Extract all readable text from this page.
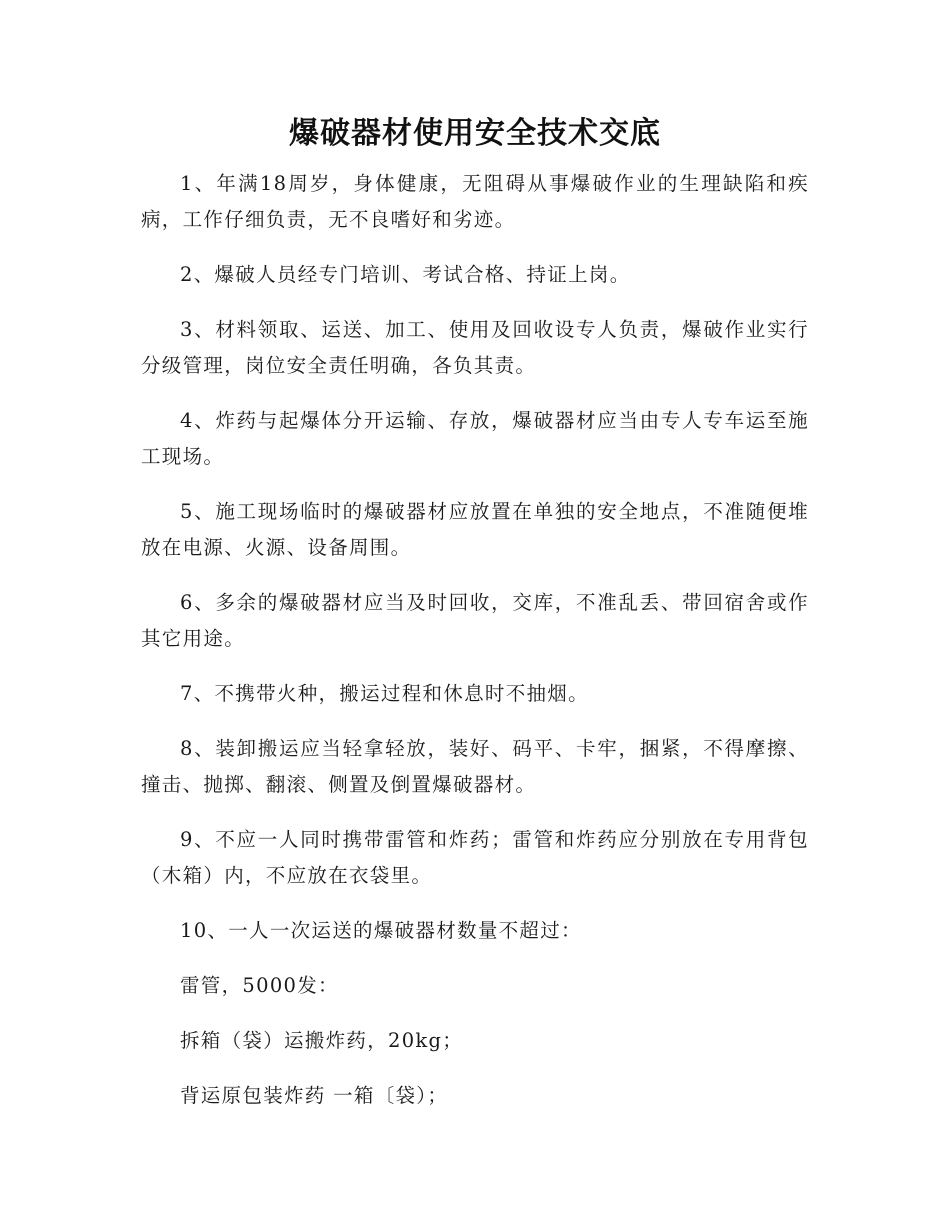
爆破器材使用安全技术交底

1、年满18周岁，身体健康，无阻碍从事爆破作业的生理缺陷和疾病，工作仔细负责，无不良嗜好和劣迹。

2、爆破人员经专门培训、考试合格、持证上岗。

3、材料领取、运送、加工、使用及回收设专人负责，爆破作业实行分级管理，岗位安全责任明确，各负其责。

4、炸药与起爆体分开运输、存放，爆破器材应当由专人专车运至施工现场。

5、施工现场临时的爆破器材应放置在单独的安全地点，不准随便堆放在电源、火源、设备周围。

6、多余的爆破器材应当及时回收，交库，不准乱丢、带回宿舍或作其它用途。

7、不携带火种，搬运过程和休息时不抽烟。

8、装卸搬运应当轻拿轻放，装好、码平、卡牢，捆紧，不得摩擦、撞击、抛掷、翻滚、侧置及倒置爆破器材。

9、不应一人同时携带雷管和炸药；雷管和炸药应分别放在专用背包（木箱）内，不应放在衣袋里。

10、一人一次运送的爆破器材数量不超过：

雷管，5000发：

拆箱（袋）运搬炸药，20kg；

背运原包装炸药 一箱〔袋）；
